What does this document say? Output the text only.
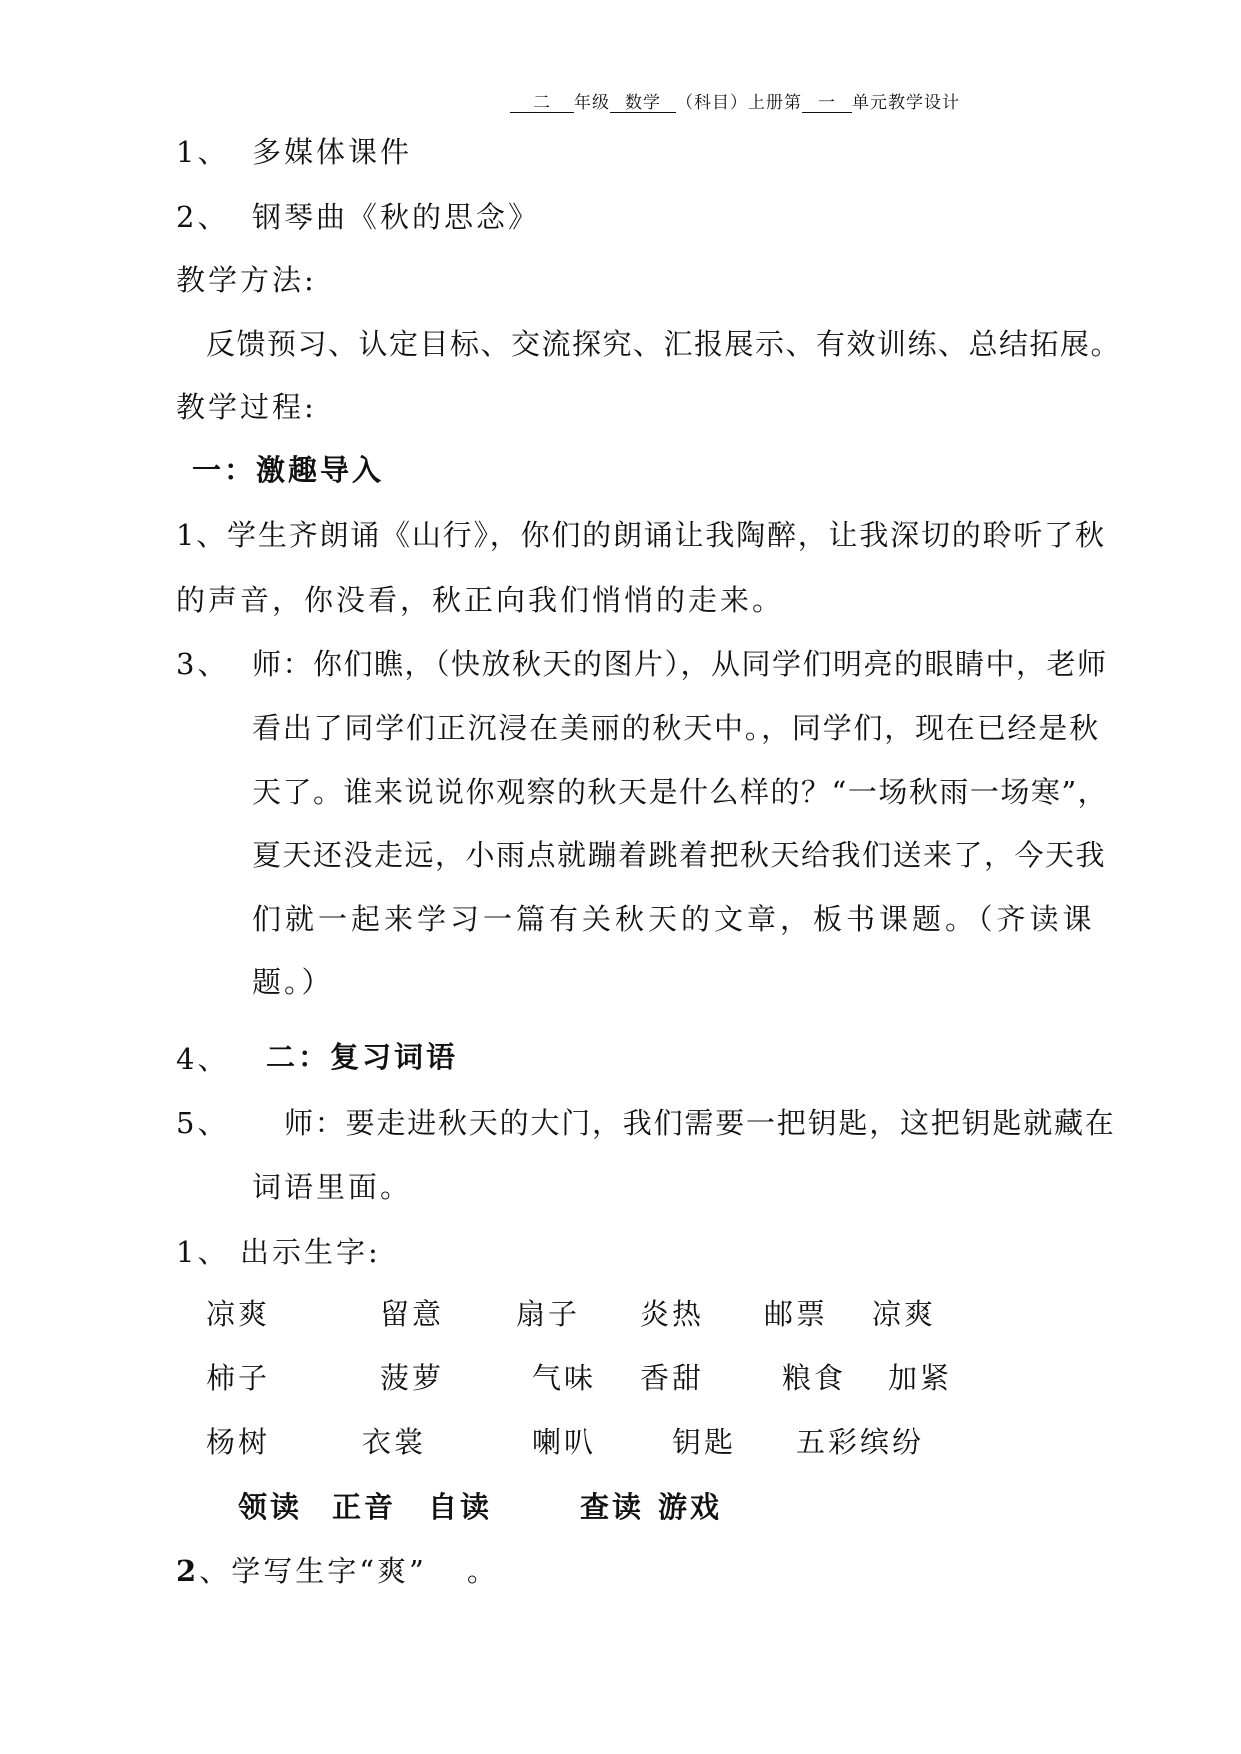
二 年级 数学 （科目）上册第 一 单元教学设计
1、 多媒体课件
2、 钢琴曲《秋的思念》
教学方法:
反馈预习、认定目标、交流探究、汇报展示、有效训练、总结拓展。
教学过程:
一：激趣导入
1、学生齐朗诵《山行》，你们的朗诵让我陶醉，让我深切的聆听了秋
的声音，你没看，秋正向我们悄悄的走来。
3、 师：你们瞧，（快放秋天的图片），从同学们明亮的眼睛中，老师
看出了同学们正沉浸在美丽的秋天中。，同学们，现在已经是秋
天了。谁来说说你观察的秋天是什么样的？“一场秋雨一场寒”，
夏天还没走远，小雨点就蹦着跳着把秋天给我们送来了，今天我
们就一起来学习一篇有关秋天的文章，板书课题。（齐读课
题。）
4、 二：复习词语
5、 师：要走进秋天的大门，我们需要一把钥匙，这把钥匙就藏在
词语里面。
1、 出示生字:
凉爽	留意 扇子 炎热 邮票 凉爽
柿子	菠萝	气味 香甜	粮食 加紧
杨树	衣裳	喇叭	钥匙 五彩缤纷
领读 正音 自读	查读 游戏
2、学写生字“爽” 。
